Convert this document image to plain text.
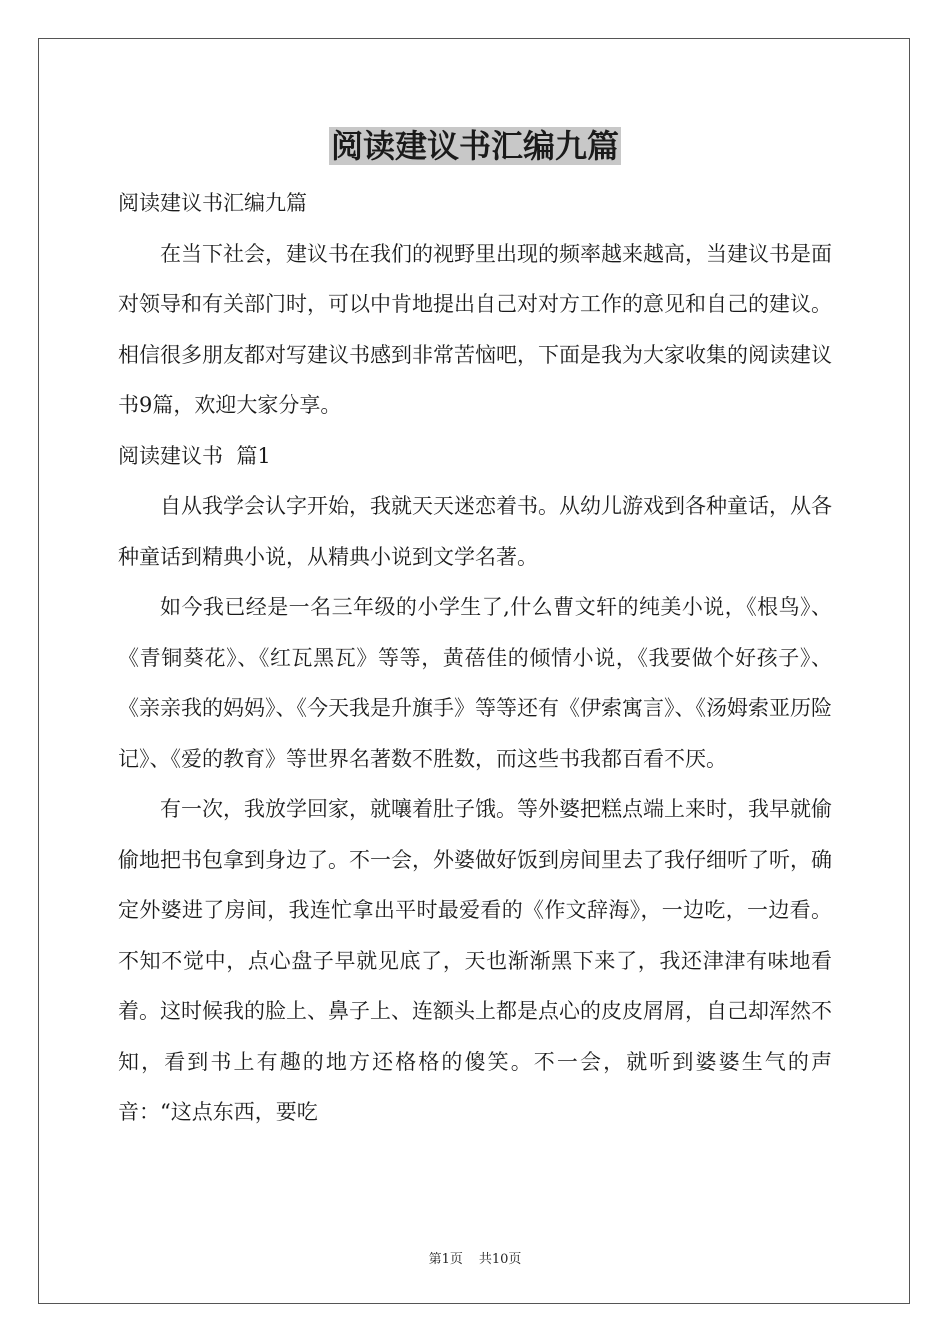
阅读建议书汇编九篇

阅读建议书汇编九篇

在当下社会，建议书在我们的视野里出现的频率越来越高，当建议书是面对领导和有关部门时，可以中肯地提出自己对对方工作的意见和自己的建议。相信很多朋友都对写建议书感到非常苦恼吧，下面是我为大家收集的阅读建议书9篇，欢迎大家分享。

阅读建议书  篇1

自从我学会认字开始，我就天天迷恋着书。从幼儿游戏到各种童话，从各种童话到精典小说，从精典小说到文学名著。

如今我已经是一名三年级的小学生了,什么曹文轩的纯美小说，《根鸟》、《青铜葵花》、《红瓦黑瓦》等等，黄蓓佳的倾情小说，《我要做个好孩子》、《亲亲我的妈妈》、《今天我是升旗手》等等还有《伊索寓言》、《汤姆索亚历险记》、《爱的教育》等世界名著数不胜数，而这些书我都百看不厌。

有一次，我放学回家，就嚷着肚子饿。等外婆把糕点端上来时，我早就偷偷地把书包拿到身边了。不一会，外婆做好饭到房间里去了我仔细听了听，确定外婆进了房间，我连忙拿出平时最爱看的《作文辞海》，一边吃，一边看。不知不觉中，点心盘子早就见底了，天也渐渐黑下来了，我还津津有味地看着。这时候我的脸上、鼻子上、连额头上都是点心的皮皮屑屑，自己却浑然不知，看到书上有趣的地方还格格的傻笑。不一会，就听到婆婆生气的声音：“这点东西，要吃

第1页 共10页
